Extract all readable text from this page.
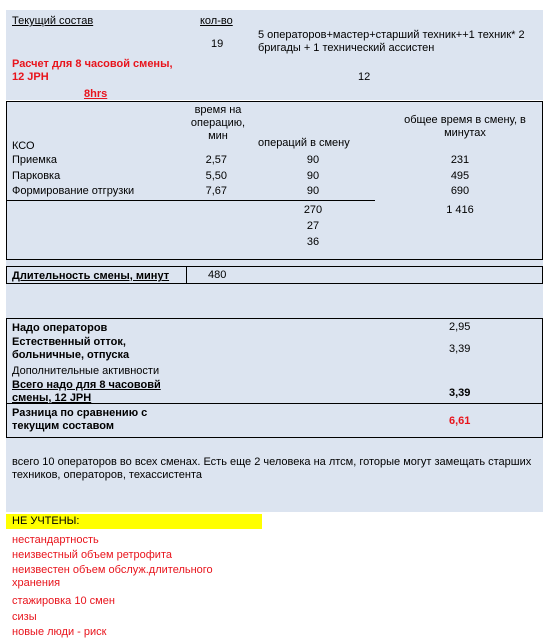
Текущий состав	кол-во
19
5 операторов+мастер+старший техник++1 техник* 2 бригады + 1 технический ассистен
Расчет для 8 часовой смены, 12 JPH	12
8hrs
время на операцию, мин
операций в смену
общее время в смену, в минутах
КСО
Приемка	2,57	90	231
Парковка	5,50	90	495
Формирование отгрузки	7,67	90	690
270	1 416
27
36
Длительность смены, минут	480
Надо операторов	2,95
Естественный отток, больничные, отпуска	3,39
Дополнительные активности
Всего надо для 8 часововй смены, 12 JPH	3,39
Разница по сравнению с текущим составом	6,61
всего 10 операторов во всех сменах. Есть еще 2 человека на лтсм, готорые могут замещать старших техников, операторов, техассистента
НЕ УЧТЕНЫ:
нестандартность
неизвестный объем ретрофита
неизвестен объем обслуж.длительного хранения
стажировка 10 смен
сизы
новые люди - риск
